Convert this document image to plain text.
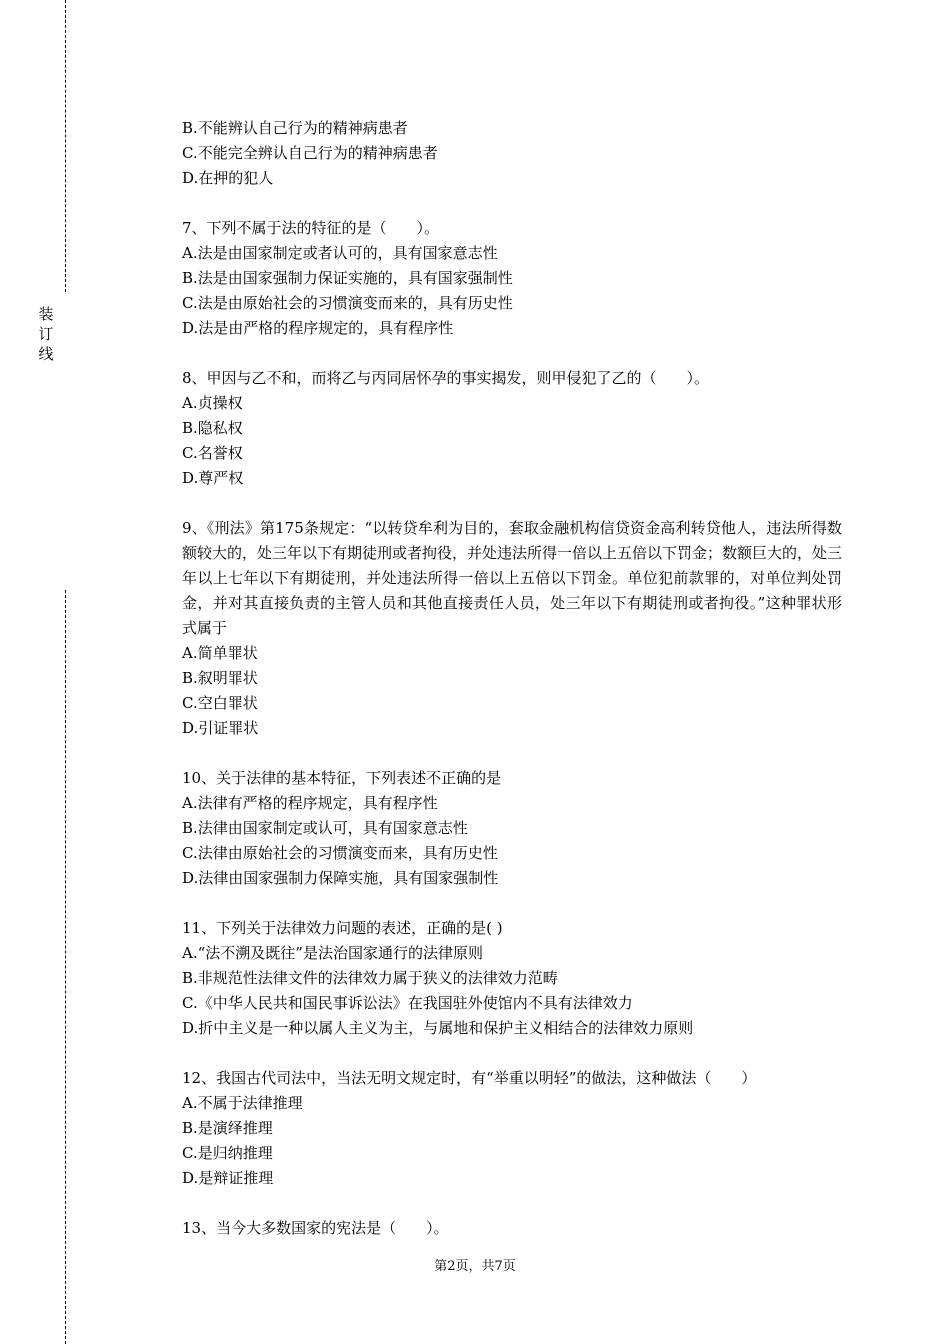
装
订
线
B.不能辨认自己行为的精神病患者
C.不能完全辨认自己行为的精神病患者
D.在押的犯人
7、下列不属于法的特征的是（　　）。
A.法是由国家制定或者认可的，具有国家意志性
B.法是由国家强制力保证实施的，具有国家强制性
C.法是由原始社会的习惯演变而来的，具有历史性
D.法是由严格的程序规定的，具有程序性
8、甲因与乙不和，而将乙与丙同居怀孕的事实揭发，则甲侵犯了乙的（　　）。
A.贞操权
B.隐私权
C.名誉权
D.尊严权
9、《刑法》第175条规定：“以转贷牟利为目的，套取金融机构信贷资金高利转贷他人，违法所得数额较大的，处三年以下有期徒刑或者拘役，并处违法所得一倍以上五倍以下罚金；数额巨大的，处三年以上七年以下有期徒刑，并处违法所得一倍以上五倍以下罚金。单位犯前款罪的，对单位判处罚金，并对其直接负责的主管人员和其他直接责任人员，处三年以下有期徒刑或者拘役。”这种罪状形式属于
A.简单罪状
B.叙明罪状
C.空白罪状
D.引证罪状
10、关于法律的基本特征，下列表述不正确的是
A.法律有严格的程序规定，具有程序性
B.法律由国家制定或认可，具有国家意志性
C.法律由原始社会的习惯演变而来，具有历史性
D.法律由国家强制力保障实施，具有国家强制性
11、下列关于法律效力问题的表述，正确的是( )
A.“法不溯及既往”是法治国家通行的法律原则
B.非规范性法律文件的法律效力属于狭义的法律效力范畴
C.《中华人民共和国民事诉讼法》在我国驻外使馆内不具有法律效力
D.折中主义是一种以属人主义为主，与属地和保护主义相结合的法律效力原则
12、我国古代司法中，当法无明文规定时，有“举重以明轻”的做法，这种做法（　　）
A.不属于法律推理
B.是演绎推理
C.是归纳推理
D.是辩证推理
13、当今大多数国家的宪法是（　　）。
第2页，共7页
